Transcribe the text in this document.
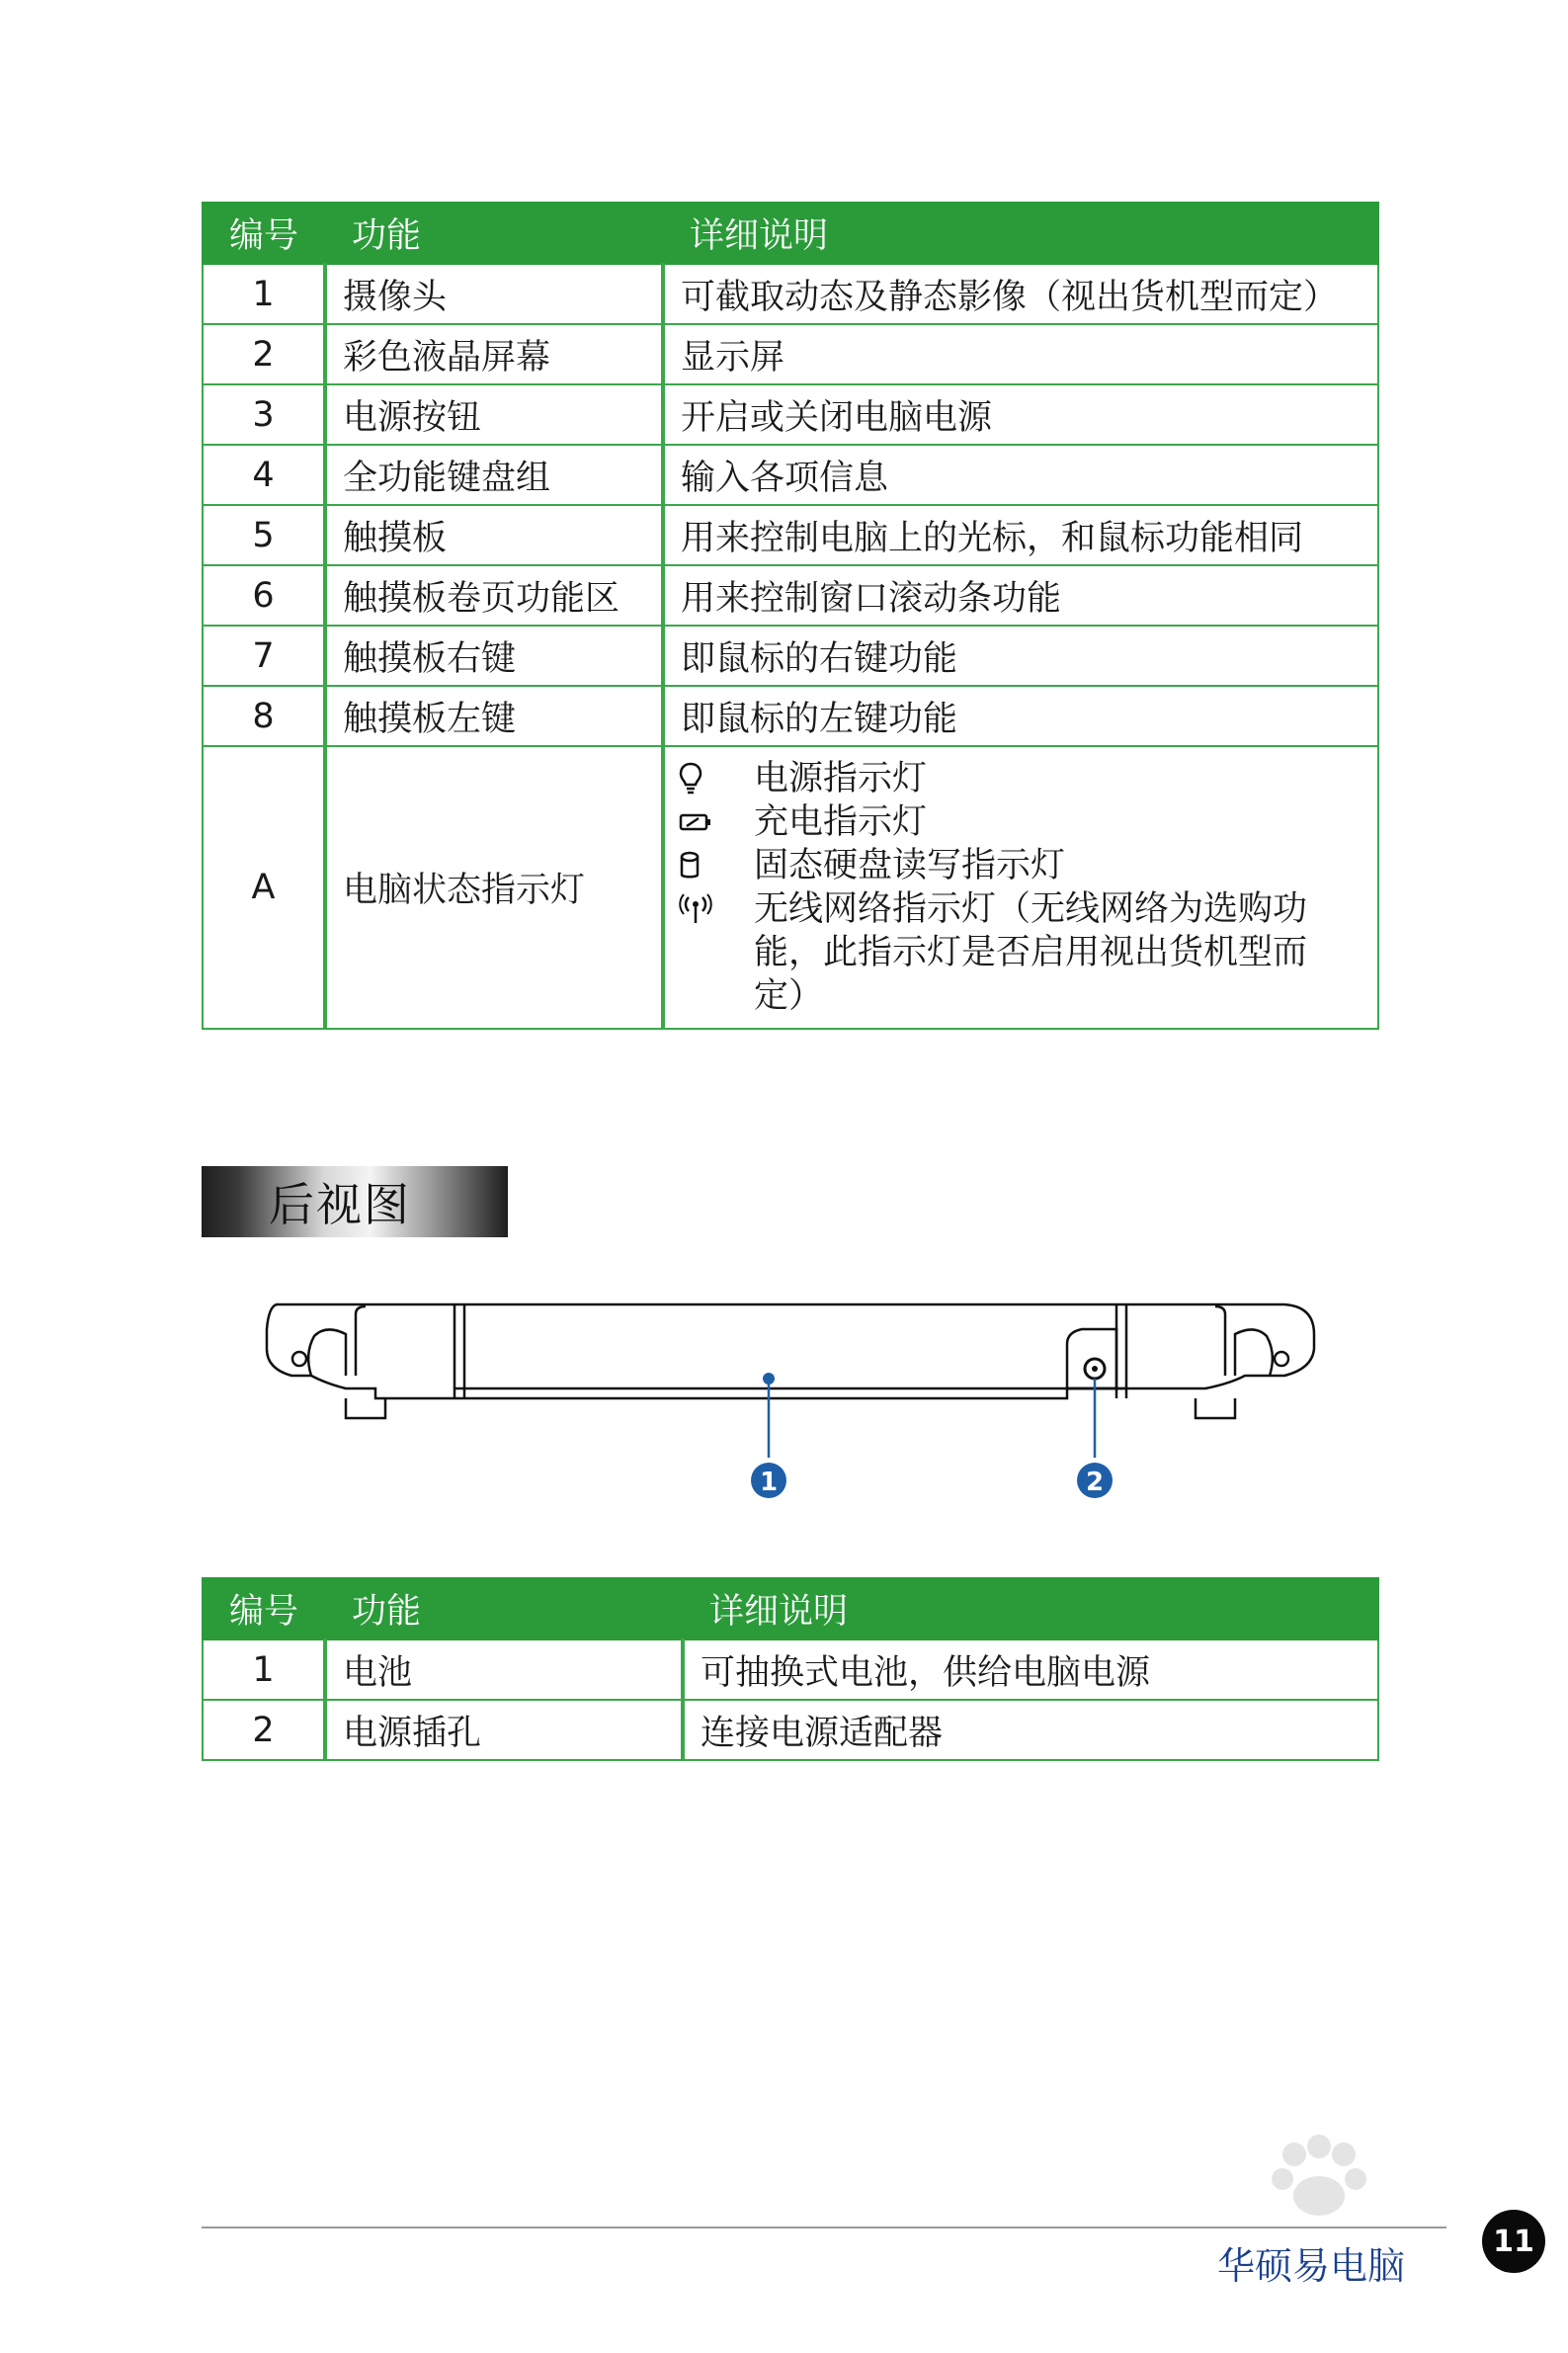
编号	功能	详细说明
1	摄像头	可截取动态及静态影像（视出货机型而定）
2	彩色液晶屏幕	显示屏
3	电源按钮	开启或关闭电脑电源
4	全功能键盘组	输入各项信息
5	触摸板	用来控制电脑上的光标，和鼠标功能相同
6	触摸板卷页功能区	用来控制窗口滚动条功能
7	触摸板右键	即鼠标的右键功能
8	触摸板左键	即鼠标的左键功能
A	电脑状态指示灯	电源指示灯
充电指示灯
固态硬盘读写指示灯
无线网络指示灯（无线网络为选购功能，此指示灯是否启用视出货机型而定）
后视图
1	2
编号	功能	详细说明
1	电池	可抽换式电池，供给电脑电源
2	电源插孔	连接电源适配器
华硕易电脑
11
